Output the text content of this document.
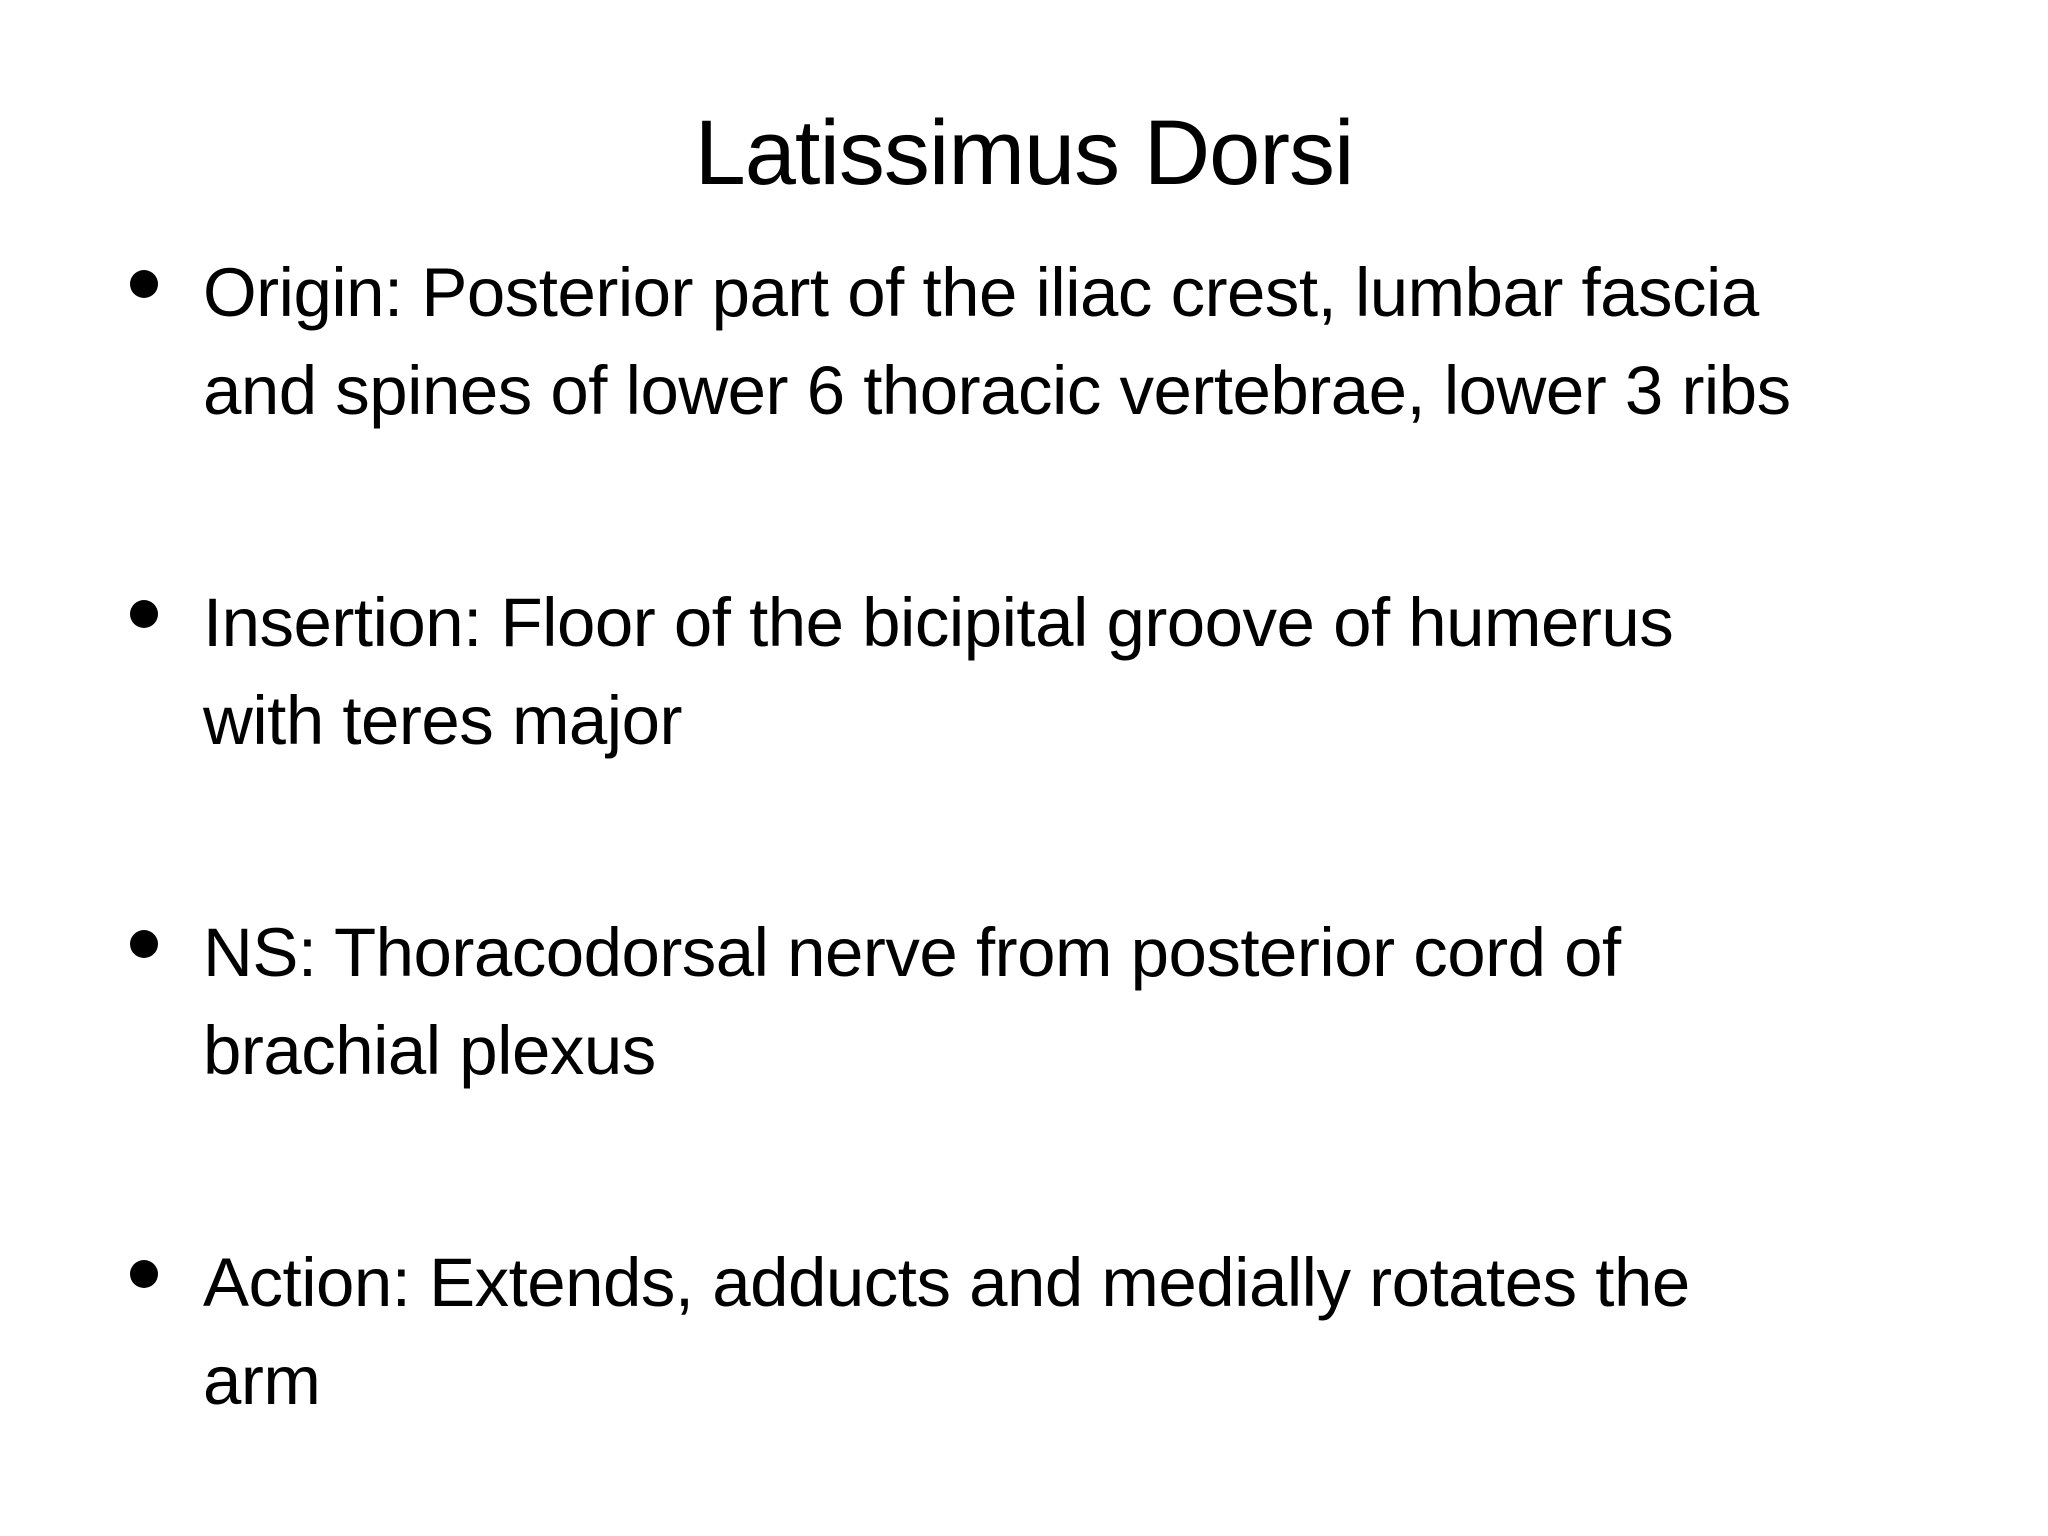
Latissimus Dorsi
Origin: Posterior part of the iliac crest, lumbar fascia
and spines of lower 6 thoracic vertebrae, lower 3 ribs
Insertion: Floor of the bicipital groove of humerus
with teres major
NS: Thoracodorsal nerve from posterior cord of
brachial plexus
Action: Extends, adducts and medially rotates the
arm
